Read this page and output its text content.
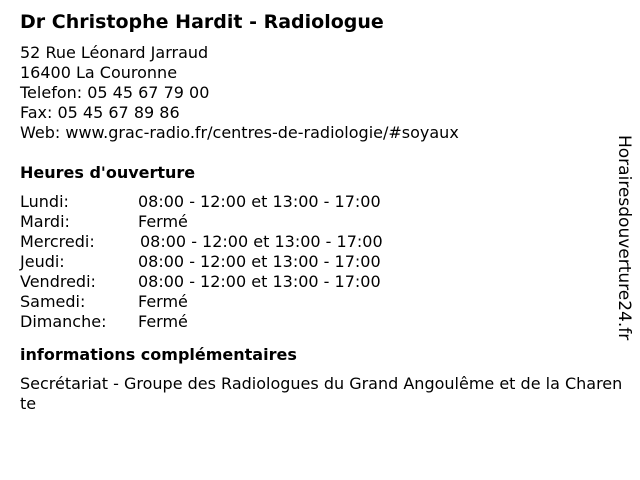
Dr Christophe Hardit - Radiologue
52 Rue Léonard Jarraud
16400 La Couronne
Telefon: 05 45 67 79 00
Fax: 05 45 67 89 86
Web: www.grac-radio.fr/centres-de-radiologie/#soyaux
Heures d'ouverture
Lundi:	08:00 - 12:00 et 13:00 - 17:00
Mardi:	Fermé
Mercredi:	08:00 - 12:00 et 13:00 - 17:00
Jeudi:	08:00 - 12:00 et 13:00 - 17:00
Vendredi:	08:00 - 12:00 et 13:00 - 17:00
Samedi:	Fermé
Dimanche:	Fermé
informations complémentaires
Secrétariat - Groupe des Radiologues du Grand Angoulême et de la Charente
Horairesdouverture24.fr
